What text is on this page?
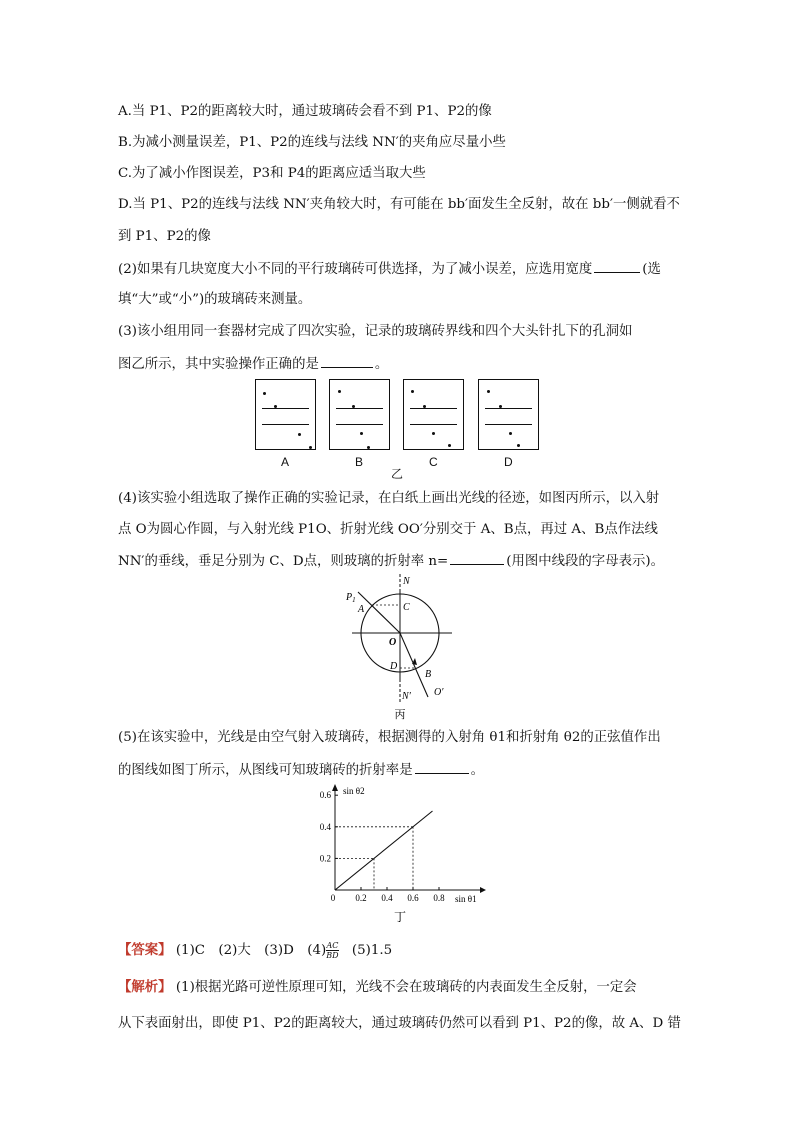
A.当 P1、P2的距离较大时，通过玻璃砖会看不到 P1、P2的像
B.为减小测量误差，P1、P2的连线与法线 NN′的夹角应尽量小些
C.为了减小作图误差，P3和 P4的距离应适当取大些
D.当 P1、P2的连线与法线 NN′夹角较大时，有可能在 bb′面发生全反射，故在 bb′一侧就看不
到 P1、P2的像
(2)如果有几块宽度大小不同的平行玻璃砖可供选择，为了减小误差，应选用宽度	(选
填“大”或“小”)的玻璃砖来测量。
(3)该小组用同一套器材完成了四次实验，记录的玻璃砖界线和四个大头针扎下的孔洞如
图乙所示，其中实验操作正确的是	。
A	B	C	D
乙
(4)该实验小组选取了操作正确的实验记录，在白纸上画出光线的径迹，如图丙所示，以入射
点 O为圆心作圆，与入射光线 P1O、折射光线 OO′分别交于 A、B点，再过 A、B点作法线
NN′的垂线，垂足分别为 C、D点，则玻璃的折射率 n=	(用图中线段的字母表示)。
$P_1$
A	C
N
O
D
B
N′ O′
丙
(5)在该实验中，光线是由空气射入玻璃砖，根据测得的入射角 θ1和折射角 θ2的正弦值作出
的图线如图丁所示，从图线可知玻璃砖的折射率是	。
sin θ2
sin θ1
丁
0 0.2 0.4 0.6 0.8
0.2
0.4
0.6
【答案】 (1)C　(2)大　(3)D　$(4) \frac{AC}{BD}$ 　(5)1.5
【解析】 (1)根据光路可逆性原理可知，光线不会在玻璃砖的内表面发生全反射，一定会
从下表面射出，即使 P1、P2的距离较大，通过玻璃砖仍然可以看到 P1、P2的像，故 A、D 错
